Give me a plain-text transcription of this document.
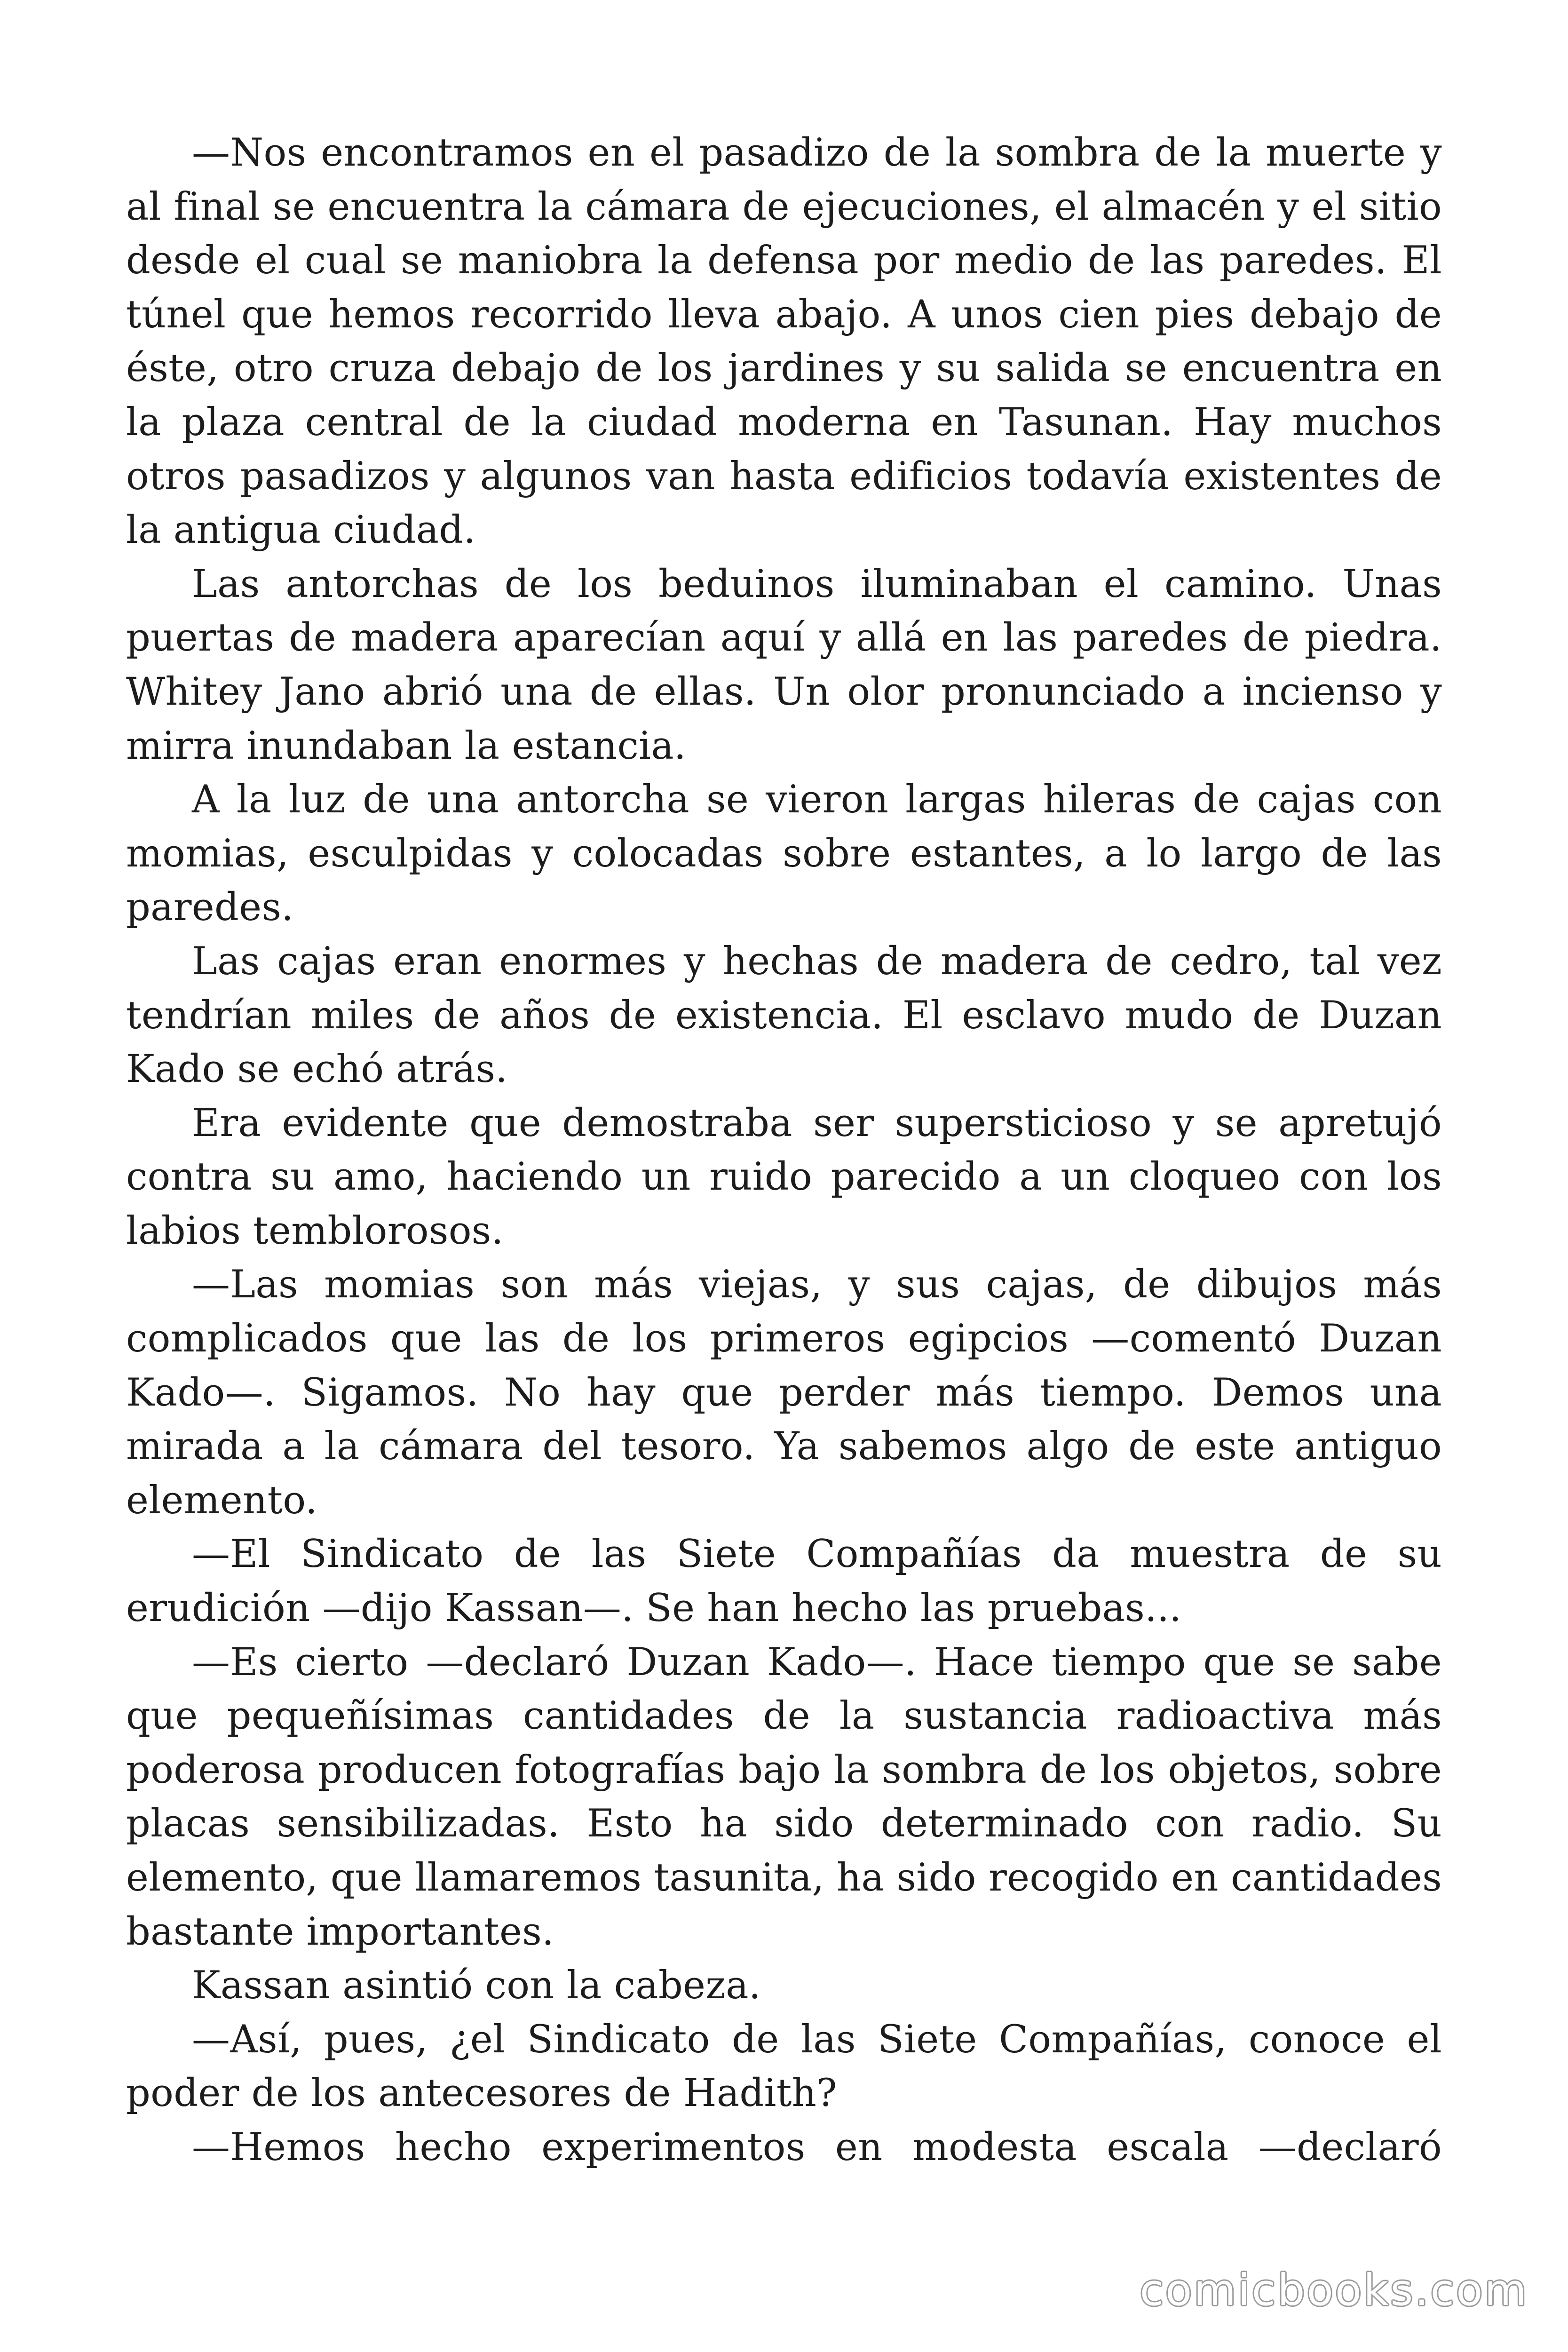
—Nos encontramos en el pasadizo de la sombra de la muerte y al final se encuentra la cámara de ejecuciones, el almacén y el sitio desde el cual se maniobra la defensa por medio de las paredes. El túnel que hemos recorrido lleva abajo. A unos cien pies debajo de éste, otro cruza debajo de los jardines y su salida se encuentra en la plaza central de la ciudad moderna en Tasunan. Hay muchos otros pasadizos y algunos van hasta edificios todavía existentes de la antigua ciudad.

Las antorchas de los beduinos iluminaban el camino. Unas puertas de madera aparecían aquí y allá en las paredes de piedra. Whitey Jano abrió una de ellas. Un olor pronunciado a incienso y mirra inundaban la estancia.

A la luz de una antorcha se vieron largas hileras de cajas con momias, esculpidas y colocadas sobre estantes, a lo largo de las paredes.

Las cajas eran enormes y hechas de madera de cedro, tal vez tendrían miles de años de existencia. El esclavo mudo de Duzan Kado se echó atrás.

Era evidente que demostraba ser supersticioso y se apretujó contra su amo, haciendo un ruido parecido a un cloqueo con los labios temblorosos.

—Las momias son más viejas, y sus cajas, de dibujos más complicados que las de los primeros egipcios —comentó Duzan Kado—. Sigamos. No hay que perder más tiempo. Demos una mirada a la cámara del tesoro. Ya sabemos algo de este antiguo elemento.

—El Sindicato de las Siete Compañías da muestra de su erudición —dijo Kassan—. Se han hecho las pruebas...

—Es cierto —declaró Duzan Kado—. Hace tiempo que se sabe que pequeñísimas cantidades de la sustancia radioactiva más poderosa producen fotografías bajo la sombra de los objetos, sobre placas sensibilizadas. Esto ha sido determinado con radio. Su elemento, que llamaremos tasunita, ha sido recogido en cantidades bastante importantes.

Kassan asintió con la cabeza.

—Así, pues, ¿el Sindicato de las Siete Compañías, conoce el poder de los antecesores de Hadith?

—Hemos hecho experimentos en modesta escala —declaró

comicbooks.com
